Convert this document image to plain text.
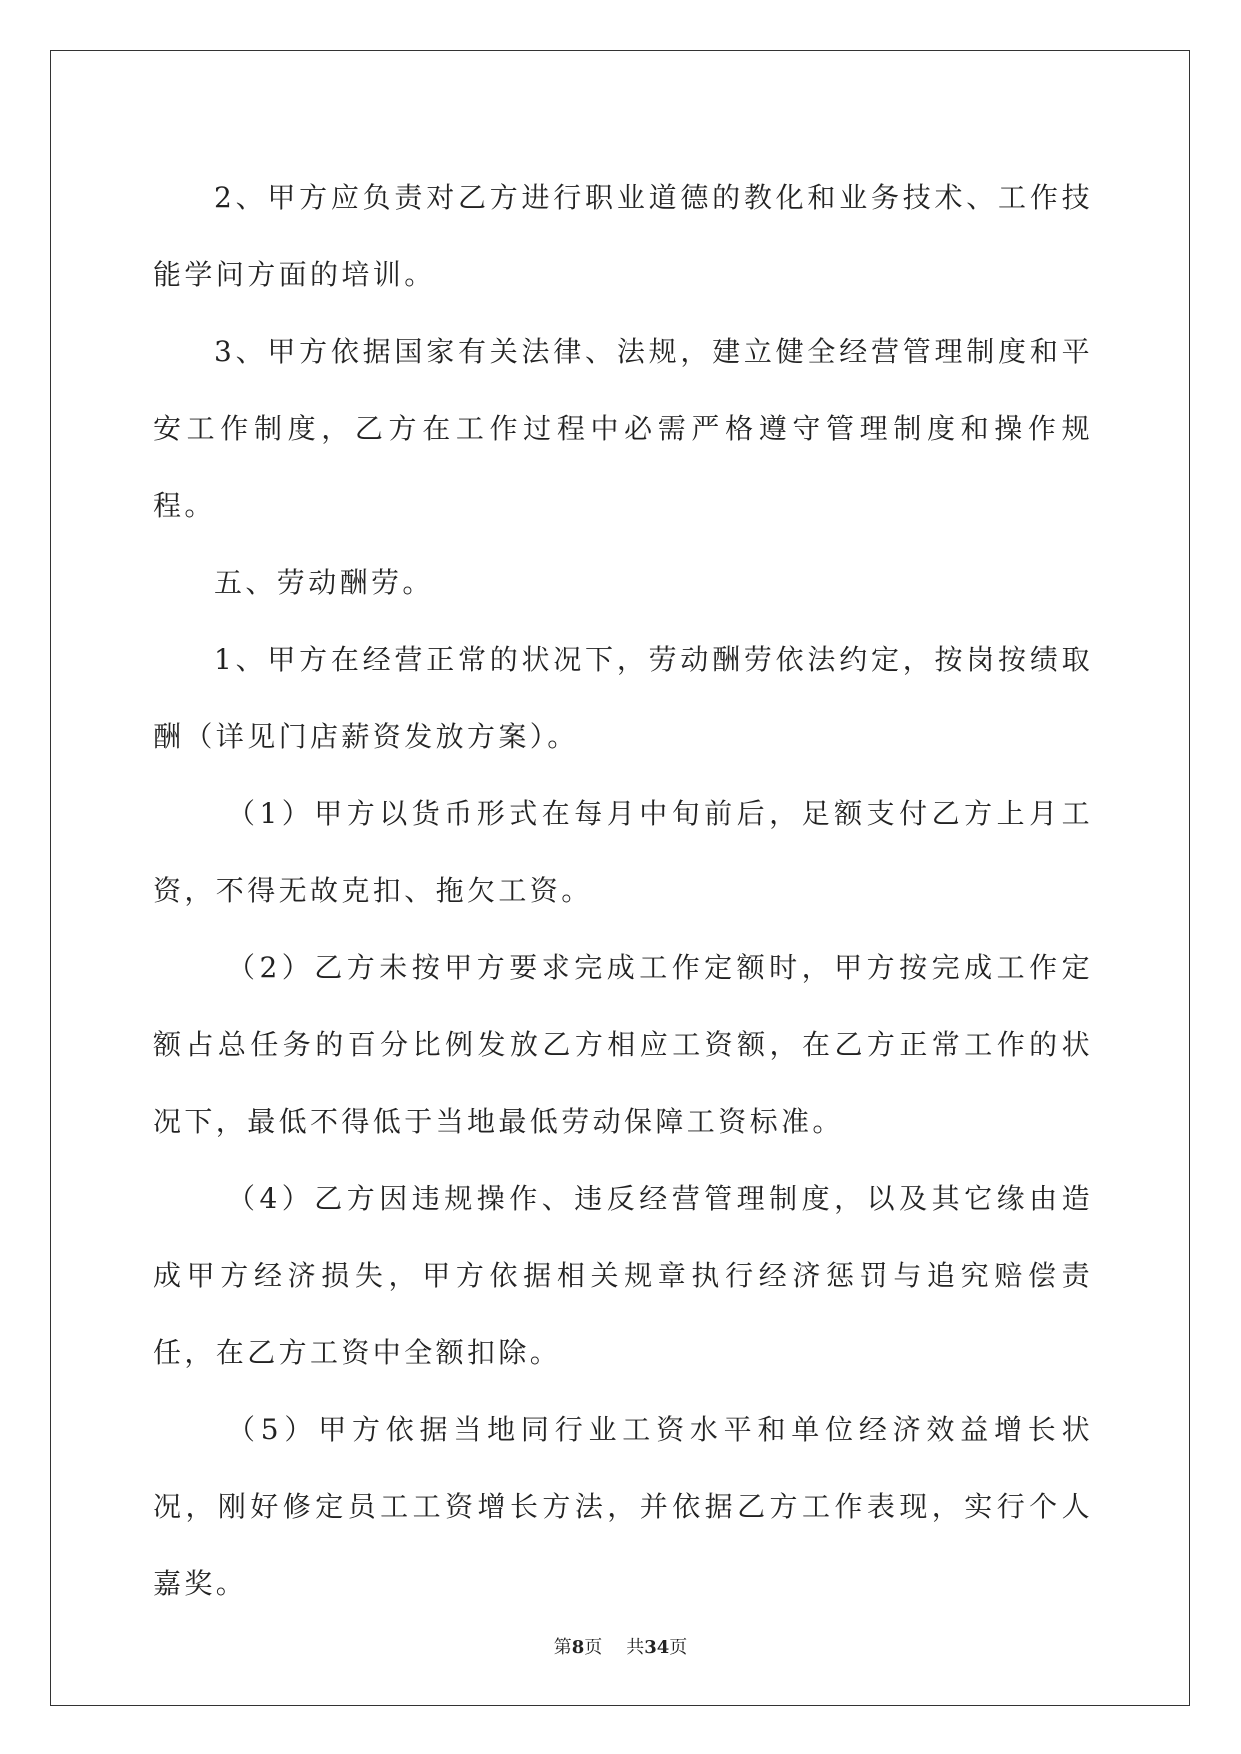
2、甲方应负责对乙方进行职业道德的教化和业务技术、工作技能学问方面的培训。

3、甲方依据国家有关法律、法规，建立健全经营管理制度和平安工作制度，乙方在工作过程中必需严格遵守管理制度和操作规程。

五、劳动酬劳。

1、甲方在经营正常的状况下，劳动酬劳依法约定，按岗按绩取酬（详见门店薪资发放方案）。

（1）甲方以货币形式在每月中旬前后，足额支付乙方上月工资，不得无故克扣、拖欠工资。

（2）乙方未按甲方要求完成工作定额时，甲方按完成工作定额占总任务的百分比例发放乙方相应工资额，在乙方正常工作的状况下，最低不得低于当地最低劳动保障工资标准。

（4）乙方因违规操作、违反经营管理制度，以及其它缘由造成甲方经济损失，甲方依据相关规章执行经济惩罚与追究赔偿责任，在乙方工资中全额扣除。

（5）甲方依据当地同行业工资水平和单位经济效益增长状况，刚好修定员工工资增长方法，并依据乙方工作表现，实行个人嘉奖。

第8页 共34页
